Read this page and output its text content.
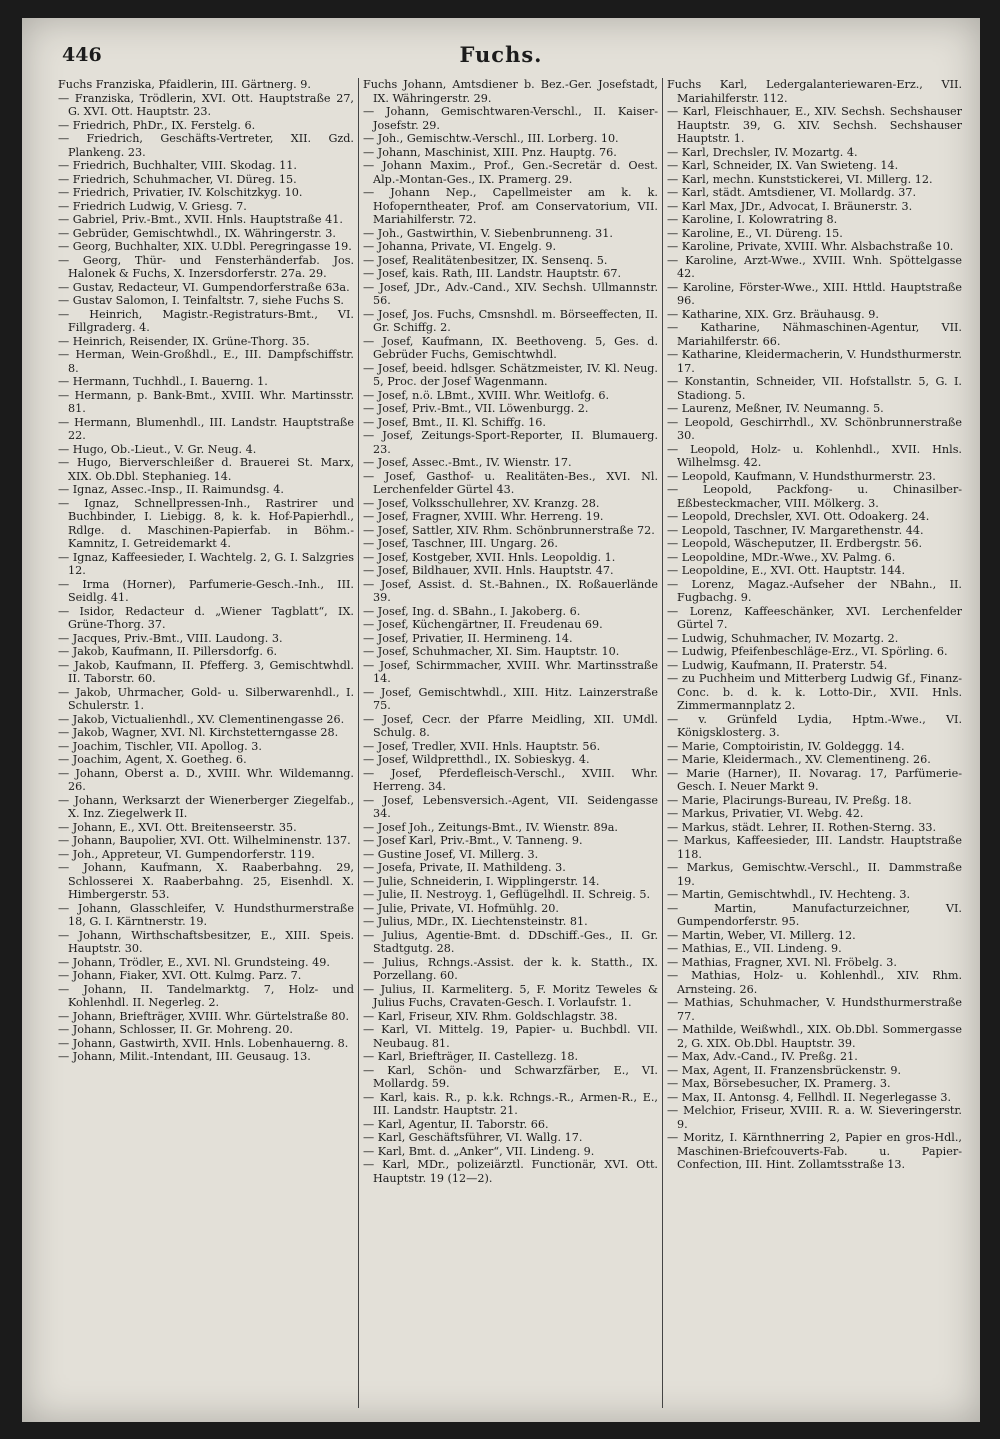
446	Fuchs.

Fuchs Franziska, Pfaidlerin, III. Gärtnerg. 9.

— Franziska, Trödlerin, XVI. Ott. Hauptstraße 27, G. XVI. Ott. Hauptstr. 23.

— Friedrich, PhDr., IX. Ferstelg. 6.

— Friedrich, Geschäfts-Vertreter, XII. Gzd. Plankeng. 23.

— Friedrich, Buchhalter, VIII. Skodag. 11.

— Friedrich, Schuhmacher, VI. Düreg. 15.

— Friedrich, Privatier, IV. Kolschitzkyg. 10.

— Friedrich Ludwig, V. Griesg. 7.

— Gabriel, Priv.-Bmt., XVII. Hnls. Hauptstraße 41.

— Gebrüder, Gemischtwhdl., IX. Währingerstr. 3.

— Georg, Buchhalter, XIX. U.Dbl. Peregringasse 19.

— Georg, Thür- und Fensterhänderfab. Jos. Halonek & Fuchs, X. Inzersdorferstr. 27a. 29.

— Gustav, Redacteur, VI. Gumpendorferstraße 63a.

— Gustav Salomon, I. Teinfaltstr. 7, siehe Fuchs S.

— Heinrich, Magistr.-Registraturs-Bmt., VI. Fillgraderg. 4.

— Heinrich, Reisender, IX. Grüne-Thorg. 35.

— Herman, Wein-Großhdl., E., III. Dampfschiffstr. 8.

— Hermann, Tuchhdl., I. Bauerng. 1.

— Hermann, p. Bank-Bmt., XVIII. Whr. Martinsstr. 81.

— Hermann, Blumenhdl., III. Landstr. Hauptstraße 22.

— Hugo, Ob.-Lieut., V. Gr. Neug. 4.

— Hugo, Bierverschleißer d. Brauerei St. Marx, XIX. Ob.Dbl. Stephanieg. 14.

— Ignaz, Assec.-Insp., II. Raimundsg. 4.

— Ignaz, Schnellpressen-Inh., Rastrirer und Buchbinder, I. Liebigg. 8, k. k. Hof-Papierhdl., Rdlge. d. Maschinen-Papierfab. in Böhm.-Kamnitz, I. Getreidemarkt 4.

— Ignaz, Kaffeesieder, I. Wachtelg. 2, G. I. Salzgries 12.

— Irma (Horner), Parfumerie-Gesch.-Inh., III. Seidlg. 41.

— Isidor, Redacteur d. „Wiener Tagblatt“, IX. Grüne-Thorg. 37.

— Jacques, Priv.-Bmt., VIII. Laudong. 3.

— Jakob, Kaufmann, II. Pillersdorfg. 6.

— Jakob, Kaufmann, II. Pfefferg. 3, Gemischtwhdl. II. Taborstr. 60.

— Jakob, Uhrmacher, Gold- u. Silberwarenhdl., I. Schulerstr. 1.

— Jakob, Victualienhdl., XV. Clementinengasse 26.

— Jakob, Wagner, XVI. Nl. Kirchstetterngasse 28.

— Joachim, Tischler, VII. Apollog. 3.

— Joachim, Agent, X. Goetheg. 6.

— Johann, Oberst a. D., XVIII. Whr. Wildemanng. 26.

— Johann, Werksarzt der Wienerberger Ziegelfab., X. Inz. Ziegelwerk II.

— Johann, E., XVI. Ott. Breitenseerstr. 35.

— Johann, Baupolier, XVI. Ott. Wilhelminenstr. 137.

— Joh., Appreteur, VI. Gumpendorferstr. 119.

— Johann, Kaufmann, X. Raaberbahng. 29, Schlosserei X. Raaberbahng. 25, Eisenhdl. X. Himbergerstr. 53.

— Johann, Glasschleifer, V. Hundsthurmerstraße 18, G. I. Kärntnerstr. 19.

— Johann, Wirthschaftsbesitzer, E., XIII. Speis. Hauptstr. 30.

— Johann, Trödler, E., XVI. Nl. Grundsteing. 49.

— Johann, Fiaker, XVI. Ott. Kulmg. Parz. 7.

— Johann, II. Tandelmarktg. 7, Holz- und Kohlenhdl. II. Negerleg. 2.

— Johann, Briefträger, XVIII. Whr. Gürtelstraße 80.

— Johann, Schlosser, II. Gr. Mohreng. 20.

— Johann, Gastwirth, XVII. Hnls. Lobenhauerng. 8.

— Johann, Milit.-Intendant, III. Geusaug. 13.

Fuchs Johann, Amtsdiener b. Bez.-Ger. Josefstadt, IX. Währingerstr. 29.

— Johann, Gemischtwaren-Verschl., II. Kaiser-Josefstr. 29.

— Joh., Gemischtw.-Verschl., III. Lorberg. 10.

— Johann, Maschinist, XIII. Pnz. Hauptg. 76.

— Johann Maxim., Prof., Gen.-Secretär d. Oest. Alp.-Montan-Ges., IX. Pramerg. 29.

— Johann Nep., Capellmeister am k. k. Hofoperntheater, Prof. am Conservatorium, VII. Mariahilferstr. 72.

— Joh., Gastwirthin, V. Siebenbrunneng. 31.

— Johanna, Private, VI. Engelg. 9.

— Josef, Realitätenbesitzer, IX. Sensenq. 5.

— Josef, kais. Rath, III. Landstr. Hauptstr. 67.

— Josef, JDr., Adv.-Cand., XIV. Sechsh. Ullmannstr. 56.

— Josef, Jos. Fuchs, Cmsnshdl. m. Börseeffecten, II. Gr. Schiffg. 2.

— Josef, Kaufmann, IX. Beethoveng. 5, Ges. d. Gebrüder Fuchs, Gemischtwhdl.

— Josef, beeid. hdlsger. Schätzmeister, IV. Kl. Neug. 5, Proc. der Josef Wagenmann.

— Josef, n.ö. LBmt., XVIII. Whr. Weitlofg. 6.

— Josef, Priv.-Bmt., VII. Löwenburgg. 2.

— Josef, Bmt., II. Kl. Schiffg. 16.

— Josef, Zeitungs-Sport-Reporter, II. Blumauerg. 23.

— Josef, Assec.-Bmt., IV. Wienstr. 17.

— Josef, Gasthof- u. Realitäten-Bes., XVI. Nl. Lerchenfelder Gürtel 43.

— Josef, Volksschullehrer, XV. Kranzg. 28.

— Josef, Fragner, XVIII. Whr. Herreng. 19.

— Josef, Sattler, XIV. Rhm. Schönbrunnerstraße 72.

— Josef, Taschner, III. Ungarg. 26.

— Josef, Kostgeber, XVII. Hnls. Leopoldig. 1.

— Josef, Bildhauer, XVII. Hnls. Hauptstr. 47.

— Josef, Assist. d. St.-Bahnen., IX. Roßauerlände 39.

— Josef, Ing. d. SBahn., I. Jakoberg. 6.

— Josef, Küchengärtner, II. Freudenau 69.

— Josef, Privatier, II. Hermineng. 14.

— Josef, Schuhmacher, XI. Sim. Hauptstr. 10.

— Josef, Schirmmacher, XVIII. Whr. Martinsstraße 14.

— Josef, Gemischtwhdl., XIII. Hitz. Lainzerstraße 75.

— Josef, Cecr. der Pfarre Meidling, XII. UMdl. Schulg. 8.

— Josef, Tredler, XVII. Hnls. Hauptstr. 56.

— Josef, Wildpretthdl., IX. Sobieskyg. 4.

— Josef, Pferdefleisch-Verschl., XVIII. Whr. Herreng. 34.

— Josef, Lebensversich.-Agent, VII. Seidengasse 34.

— Josef Joh., Zeitungs-Bmt., IV. Wienstr. 89a.

— Josef Karl, Priv.-Bmt., V. Tanneng. 9.

— Gustine Josef, VI. Millerg. 3.

— Josefa, Private, II. Mathildeng. 3.

— Julie, Schneiderin, I. Wipplingerstr. 14.

— Julie, II. Nestroyg. 1, Geflügelhdl. II. Schreig. 5.

— Julie, Private, VI. Hofmühlg. 20.

— Julius, MDr., IX. Liechtensteinstr. 81.

— Julius, Agentie-Bmt. d. DDschiff.-Ges., II. Gr. Stadtgutg. 28.

— Julius, Rchngs.-Assist. der k. k. Statth., IX. Porzellang. 60.

— Julius, II. Karmeliterg. 5, F. Moritz Teweles & Julius Fuchs, Cravaten-Gesch. I. Vorlaufstr. 1.

— Karl, Friseur, XIV. Rhm. Goldschlagstr. 38.

— Karl, VI. Mittelg. 19, Papier- u. Buchbdl. VII. Neubaug. 81.

— Karl, Briefträger, II. Castellezg. 18.

— Karl, Schön- und Schwarzfärber, E., VI. Mollardg. 59.

— Karl, kais. R., p. k.k. Rchngs.-R., Armen-R., E., III. Landstr. Hauptstr. 21.

— Karl, Agentur, II. Taborstr. 66.

— Karl, Geschäftsführer, VI. Wallg. 17.

— Karl, Bmt. d. „Anker“, VII. Lindeng. 9.

— Karl, MDr., polizeiärztl. Functionär, XVI. Ott. Hauptstr. 19 (12—2).

Fuchs Karl, Ledergalanteriewaren-Erz., VII. Mariahilferstr. 112.

— Karl, Fleischhauer, E., XIV. Sechsh. Sechshauser Hauptstr. 39, G. XIV. Sechsh. Sechshauser Hauptstr. 1.

— Karl, Drechsler, IV. Mozartg. 4.

— Karl, Schneider, IX. Van Swieteng. 14.

— Karl, mechn. Kunststickerei, VI. Millerg. 12.

— Karl, städt. Amtsdiener, VI. Mollardg. 37.

— Karl Max, JDr., Advocat, I. Bräunerstr. 3.

— Karoline, I. Kolowratring 8.

— Karoline, E., VI. Düreng. 15.

— Karoline, Private, XVIII. Whr. Alsbachstraße 10.

— Karoline, Arzt-Wwe., XVIII. Wnh. Spöttelgasse 42.

— Karoline, Förster-Wwe., XIII. Httld. Hauptstraße 96.

— Katharine, XIX. Grz. Bräuhausg. 9.

— Katharine, Nähmaschinen-Agentur, VII. Mariahilferstr. 66.

— Katharine, Kleidermacherin, V. Hundsthurmerstr. 17.

— Konstantin, Schneider, VII. Hofstallstr. 5, G. I. Stadiong. 5.

— Laurenz, Meßner, IV. Neumanng. 5.

— Leopold, Geschirrhdl., XV. Schönbrunnerstraße 30.

— Leopold, Holz- u. Kohlenhdl., XVII. Hnls. Wilhelmsg. 42.

— Leopold, Kaufmann, V. Hundsthurmerstr. 23.

— Leopold, Packfong- u. Chinasilber-Eßbesteckmacher, VIII. Mölkerg. 3.

— Leopold, Drechsler, XVI. Ott. Odoakerg. 24.

— Leopold, Taschner, IV. Margarethenstr. 44.

— Leopold, Wäscheputzer, II. Erdbergstr. 56.

— Leopoldine, MDr.-Wwe., XV. Palmg. 6.

— Leopoldine, E., XVI. Ott. Hauptstr. 144.

— Lorenz, Magaz.-Aufseher der NBahn., II. Fugbachg. 9.

— Lorenz, Kaffeeschänker, XVI. Lerchenfelder Gürtel 7.

— Ludwig, Schuhmacher, IV. Mozartg. 2.

— Ludwig, Pfeifenbeschläge-Erz., VI. Spörling. 6.

— Ludwig, Kaufmann, II. Praterstr. 54.

— zu Puchheim und Mitterberg Ludwig Gf., Finanz-Conc. b. d. k. k. Lotto-Dir., XVII. Hnls. Zimmermannplatz 2.

— v. Grünfeld Lydia, Hptm.-Wwe., VI. Königsklosterg. 3.

— Marie, Comptoiristin, IV. Goldeggg. 14.

— Marie, Kleidermach., XV. Clementineng. 26.

— Marie (Harner), II. Novarag. 17, Parfümerie-Gesch. I. Neuer Markt 9.

— Marie, Placirungs-Bureau, IV. Preßg. 18.

— Markus, Privatier, VI. Webg. 42.

— Markus, städt. Lehrer, II. Rothen-Sterng. 33.

— Markus, Kaffeesieder, III. Landstr. Hauptstraße 118.

— Markus, Gemischtw.-Verschl., II. Dammstraße 19.

— Martin, Gemischtwhdl., IV. Hechteng. 3.

— Martin, Manufacturzeichner, VI. Gumpendorferstr. 95.

— Martin, Weber, VI. Millerg. 12.

— Mathias, E., VII. Lindeng. 9.

— Mathias, Fragner, XVI. Nl. Fröbelg. 3.

— Mathias, Holz- u. Kohlenhdl., XIV. Rhm. Arnsteing. 26.

— Mathias, Schuhmacher, V. Hundsthurmerstraße 77.

— Mathilde, Weißwhdl., XIX. Ob.Dbl. Sommergasse 2, G. XIX. Ob.Dbl. Hauptstr. 39.

— Max, Adv.-Cand., IV. Preßg. 21.

— Max, Agent, II. Franzensbrückenstr. 9.

— Max, Börsebesucher, IX. Pramerg. 3.

— Max, II. Antonsg. 4, Fellhdl. II. Negerlegasse 3.

— Melchior, Friseur, XVIII. R. a. W. Sieveringerstr. 9.

— Moritz, I. Kärnthnerring 2, Papier en gros-Hdl., Maschinen-Briefcouverts-Fab. u. Papier-Confection, III. Hint. Zollamtsstraße 13.
